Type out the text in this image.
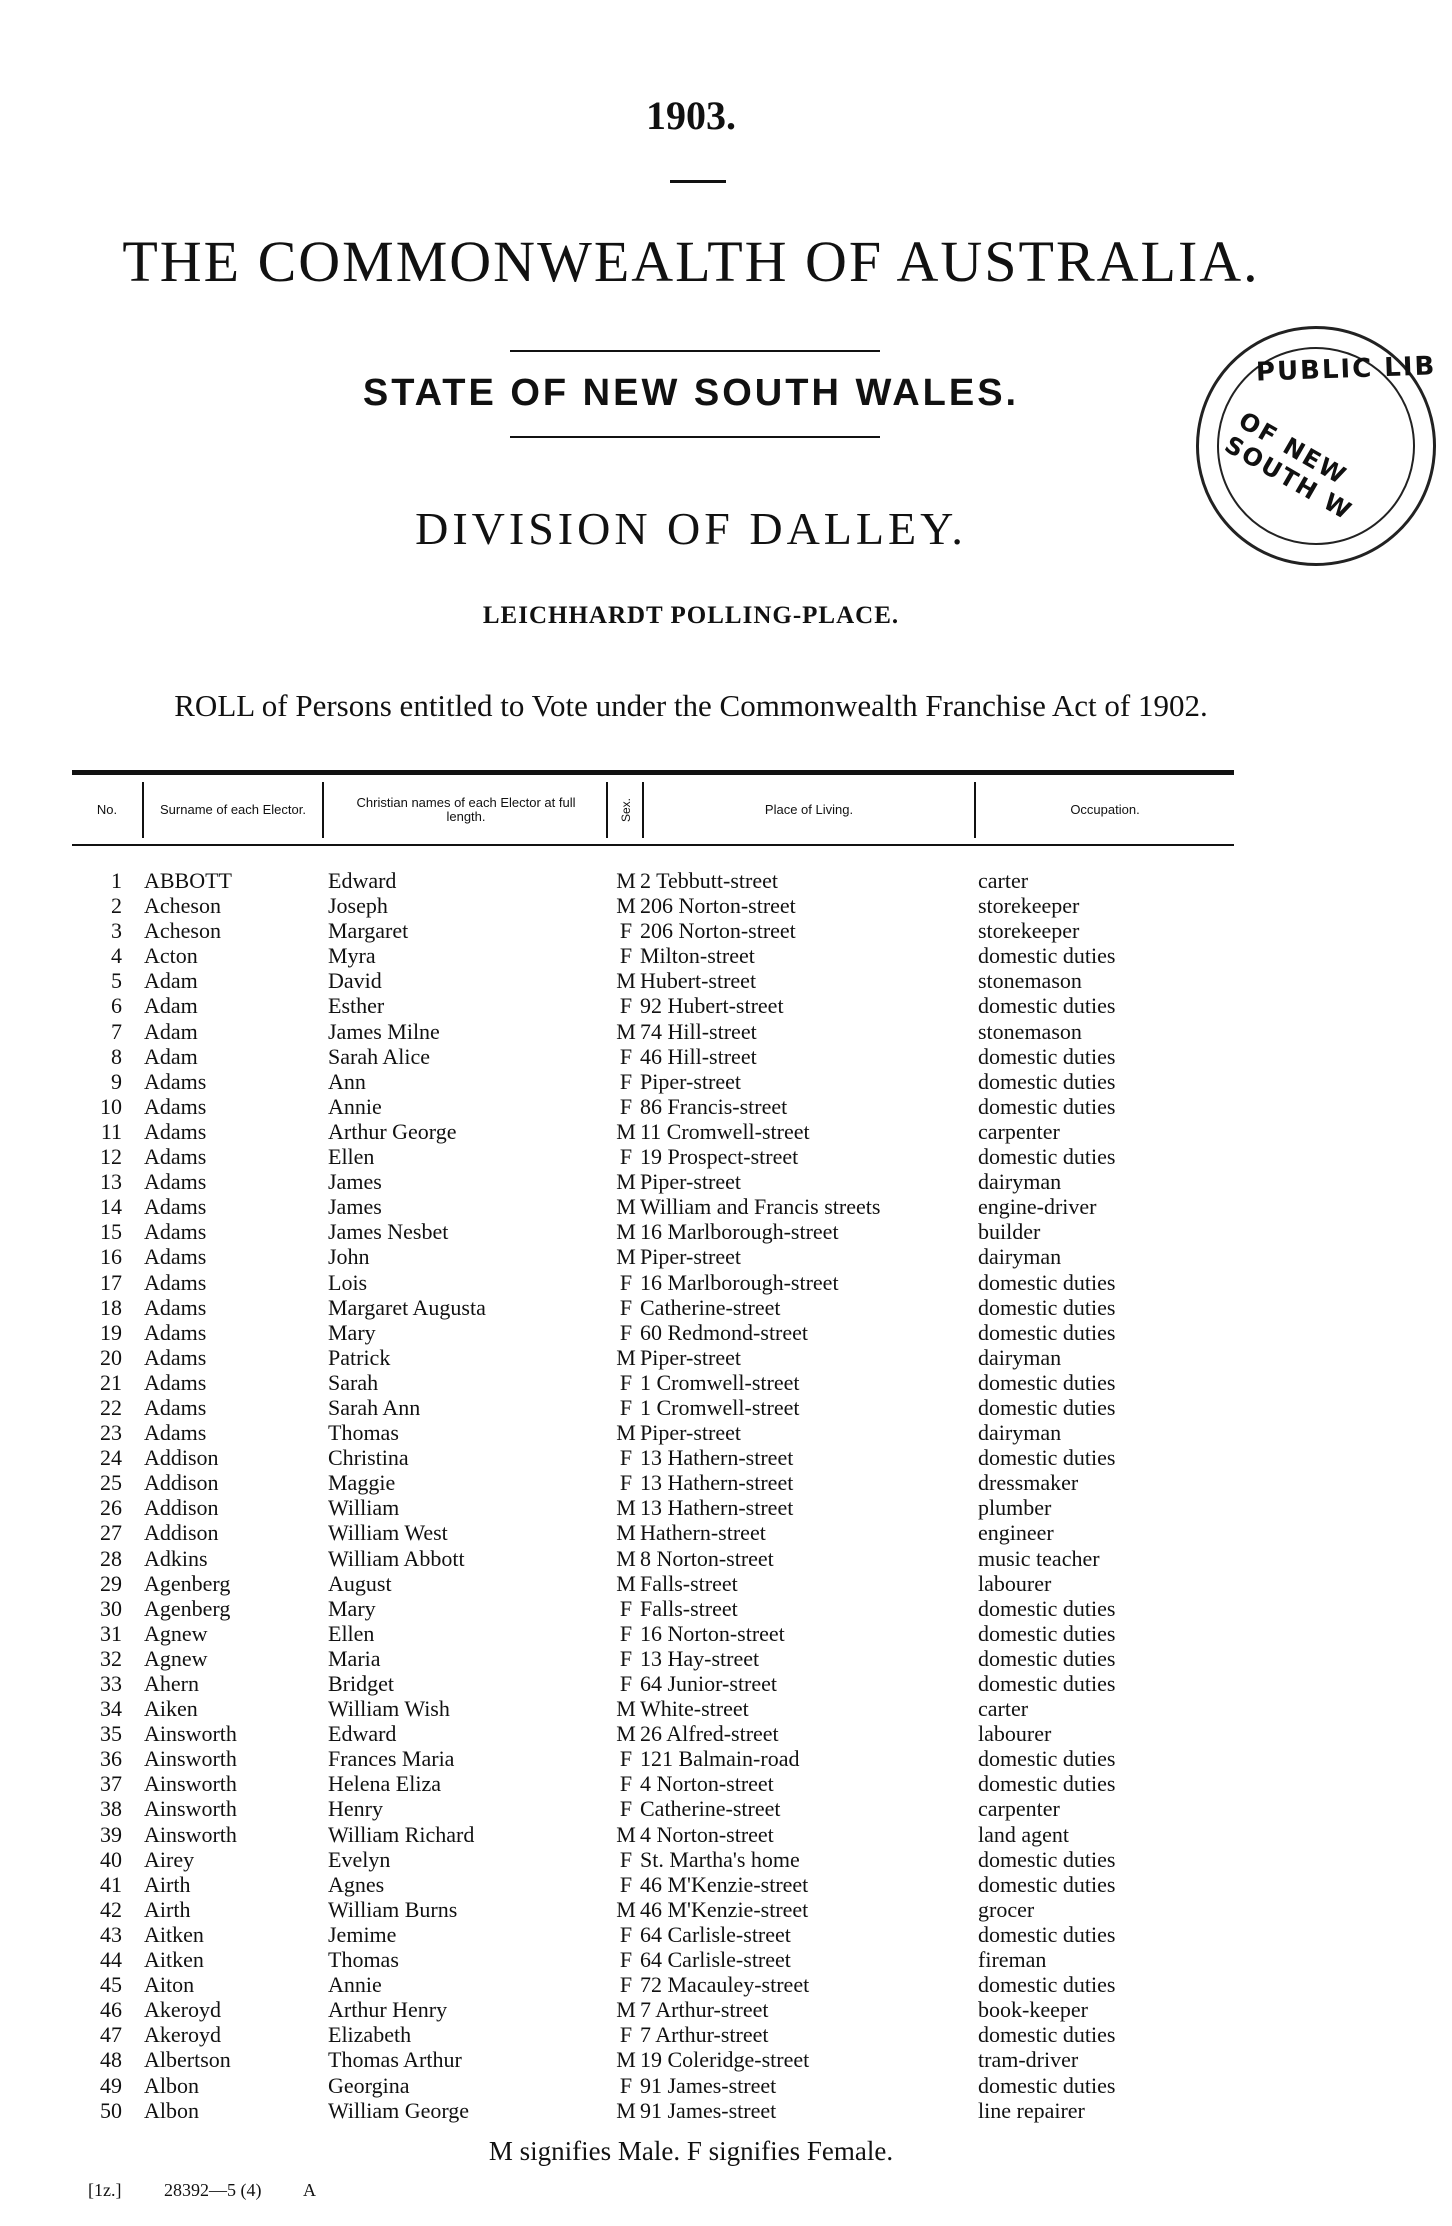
1903.
THE COMMONWEALTH OF AUSTRALIA.
STATE OF NEW SOUTH WALES.
DIVISION OF DALLEY.
LEICHHARDT POLLING-PLACE.
ROLL of Persons entitled to Vote under the Commonwealth Franchise Act of 1902.
PUBLIC LIB
OF NEW SOUTH W
No.	Surname of each Elector.	Christian names of each Elector at full length.	Sex.	Place of Living.	Occupation.
1 ABBOTT	Edward	M 2 Tebbutt-street	carter
2 Acheson	Joseph	M 206 Norton-street	storekeeper
3 Acheson	Margaret	F 206 Norton-street	storekeeper
4 Acton	Myra	F Milton-street	domestic duties
5 Adam	David	M Hubert-street	stonemason
6 Adam	Esther	F 92 Hubert-street	domestic duties
7 Adam	James Milne	M 74 Hill-street	stonemason
8 Adam	Sarah Alice	F 46 Hill-street	domestic duties
9 Adams	Ann	F Piper-street	domestic duties
10 Adams	Annie	F 86 Francis-street	domestic duties
11 Adams	Arthur George	M 11 Cromwell-street	carpenter
12 Adams	Ellen	F 19 Prospect-street	domestic duties
13 Adams	James	M Piper-street	dairyman
14 Adams	James	M William and Francis streets	engine-driver
15 Adams	James Nesbet	M 16 Marlborough-street	builder
16 Adams	John	M Piper-street	dairyman
17 Adams	Lois	F 16 Marlborough-street	domestic duties
18 Adams	Margaret Augusta	F Catherine-street	domestic duties
19 Adams	Mary	F 60 Redmond-street	domestic duties
20 Adams	Patrick	M Piper-street	dairyman
21 Adams	Sarah	F 1 Cromwell-street	domestic duties
22 Adams	Sarah Ann	F 1 Cromwell-street	domestic duties
23 Adams	Thomas	M Piper-street	dairyman
24 Addison	Christina	F 13 Hathern-street	domestic duties
25 Addison	Maggie	F 13 Hathern-street	dressmaker
26 Addison	William	M 13 Hathern-street	plumber
27 Addison	William West	M Hathern-street	engineer
28 Adkins	William Abbott	M 8 Norton-street	music teacher
29 Agenberg	August	M Falls-street	labourer
30 Agenberg	Mary	F Falls-street	domestic duties
31 Agnew	Ellen	F 16 Norton-street	domestic duties
32 Agnew	Maria	F 13 Hay-street	domestic duties
33 Ahern	Bridget	F 64 Junior-street	domestic duties
34 Aiken	William Wish	M White-street	carter
35 Ainsworth	Edward	M 26 Alfred-street	labourer
36 Ainsworth	Frances Maria	F 121 Balmain-road	domestic duties
37 Ainsworth	Helena Eliza	F 4 Norton-street	domestic duties
38 Ainsworth	Henry	F Catherine-street	carpenter
39 Ainsworth	William Richard	M 4 Norton-street	land agent
40 Airey	Evelyn	F St. Martha's home	domestic duties
41 Airth	Agnes	F 46 M'Kenzie-street	domestic duties
42 Airth	William Burns	M 46 M'Kenzie-street	grocer
43 Aitken	Jemime	F 64 Carlisle-street	domestic duties
44 Aitken	Thomas	F 64 Carlisle-street	fireman
45 Aiton	Annie	F 72 Macauley-street	domestic duties
46 Akeroyd	Arthur Henry	M 7 Arthur-street	book-keeper
47 Akeroyd	Elizabeth	F 7 Arthur-street	domestic duties
48 Albertson	Thomas Arthur	M 19 Coleridge-street	tram-driver
49 Albon	Georgina	F 91 James-street	domestic duties
50 Albon	William George	M 91 James-street	line repairer
M signifies Male. F signifies Female.
[1z.] 28392—5 (4) A
